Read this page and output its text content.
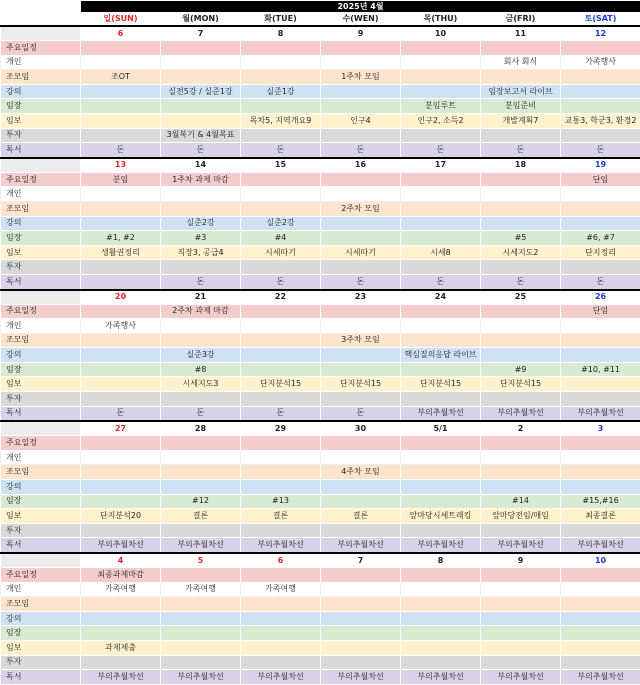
	2025년 4월						
	일(SUN)	월(MON)	화(TUE)	수(WEN)	목(THU)	금(FRI)	토(SAT)
	6	7	8	9	10	11	12
주요일정							
개인						회사 회식	가족행사
조모임	조OT			1주차 모임			
강의		실전5강 / 실준1강	실준1강			임장보고서 라이브	
임장					분임루트	분임준비	
임보			목차5, 지역개요9	인구4	인구2, 소득2	개발계획7	교통3, 학군3, 환경2
투자		3월복기 & 4월목표					
독서	돈	돈	돈	돈	돈	돈	돈
	13	14	15	16	17	18	19
주요일정	분임	1주차 과제 마감					단임
개인							
조모임				2주차 모임			
강의		실준2강	실준2강				
임장	#1, #2	#3	#4			#5	#6, #7
임보	생활권정리	직장3, 공급4	시세따기	시세따기	시세8	시세지도2	단지정리
투자							
독서		돈	돈	돈	돈	돈	돈
	20	21	22	23	24	25	26
주요일정		2주차 과제 마감					단임
개인	가족행사						
조모임				3주차 모임			
강의		실준3강			핵심질의응답 라이브		
임장		#8				#9	#10, #11
임보		시세지도3	단지분석15	단지분석15	단지분석15	단지분석15	
투자							
독서	돈	돈	돈	돈	부의추월차선	부의추월차선	부의추월차선
	27	28	29	30	5/1	2	3
주요일정							
개인							
조모임				4주차 모임			
강의							
임장		#12	#13			#14	#15,#16
임보	단지분석20	결론	결론	결론	앞마당시세트래킹	앞마당전임/매임	최종결론
투자							
독서	부의추월차선	부의추월차선	부의추월차선	부의추월차선	부의추월차선	부의추월차선	부의추월차선
	4	5	6	7	8	9	10
주요일정	최종과제마감						
개인	가족여행	가족여행	가족여행				
조모임							
강의							
임장							
임보	과제제출						
투자							
독서	부의추월차선	부의추월차선	부의추월차선	부의추월차선	부의추월차선	부의추월차선	부의추월차선
